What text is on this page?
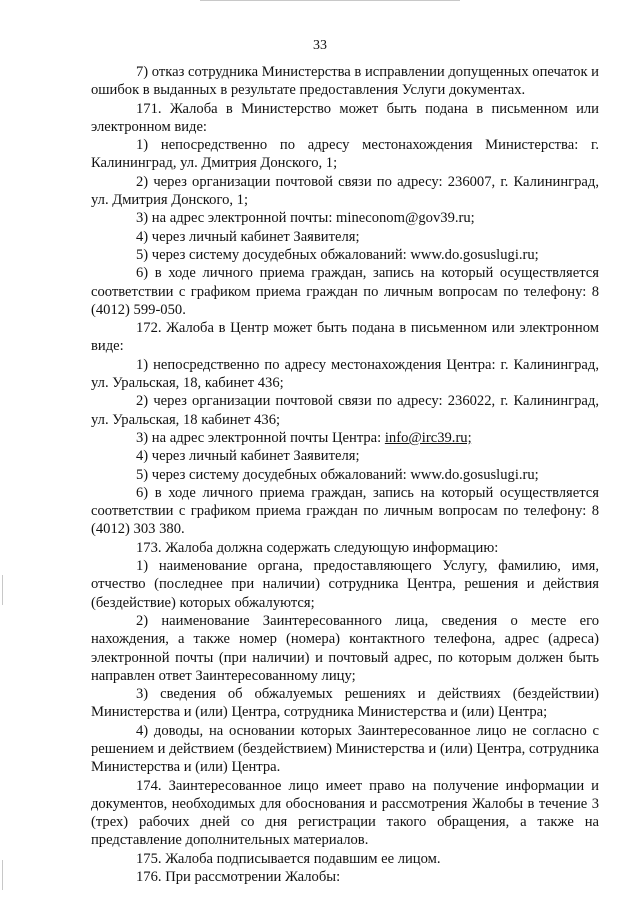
33

7) отказ сотрудника Министерства в исправлении допущенных опечаток и ошибок в выданных в результате предоставления Услуги документах.

171. Жалоба в Министерство может быть подана в письменном или электронном виде:

1) непосредственно по адресу местонахождения Министерства: г. Калининград, ул. Дмитрия Донского, 1;

2) через организации почтовой связи по адресу: 236007, г. Калининград, ул. Дмитрия Донского, 1;

3) на адрес электронной почты: mineconom@gov39.ru;

4) через личный кабинет Заявителя;

5) через систему досудебных обжалований: www.do.gosuslugi.ru;

6) в ходе личного приема граждан, запись на который осуществляется соответствии с графиком приема граждан по личным вопросам по телефону: 8 (4012) 599-050.

172. Жалоба в Центр может быть подана в письменном или электронном виде:

1) непосредственно по адресу местонахождения Центра: г. Калининград, ул. Уральская, 18, кабинет 436;

2) через организации почтовой связи по адресу: 236022, г. Калининград, ул. Уральская, 18 кабинет 436;

3) на адрес электронной почты Центра: info@irc39.ru;

4) через личный кабинет Заявителя;

5) через систему досудебных обжалований: www.do.gosuslugi.ru;

6) в ходе личного приема граждан, запись на который осуществляется соответствии с графиком приема граждан по личным вопросам по телефону: 8 (4012) 303 380.

173. Жалоба должна содержать следующую информацию:

1) наименование органа, предоставляющего Услугу, фамилию, имя, отчество (последнее при наличии) сотрудника Центра, решения и действия (бездействие) которых обжалуются;

2) наименование Заинтересованного лица, сведения о месте его нахождения, а также номер (номера) контактного телефона, адрес (адреса) электронной почты (при наличии) и почтовый адрес, по которым должен быть направлен ответ Заинтересованному лицу;

3) сведения об обжалуемых решениях и действиях (бездействии) Министерства и (или) Центра, сотрудника Министерства и (или) Центра;

4) доводы, на основании которых Заинтересованное лицо не согласно с решением и действием (бездействием) Министерства и (или) Центра, сотрудника Министерства и (или) Центра.

174. Заинтересованное лицо имеет право на получение информации и документов, необходимых для обоснования и рассмотрения Жалобы в течение 3 (трех) рабочих дней со дня регистрации такого обращения, а также на представление дополнительных материалов.

175. Жалоба подписывается подавшим ее лицом.

176. При рассмотрении Жалобы:
